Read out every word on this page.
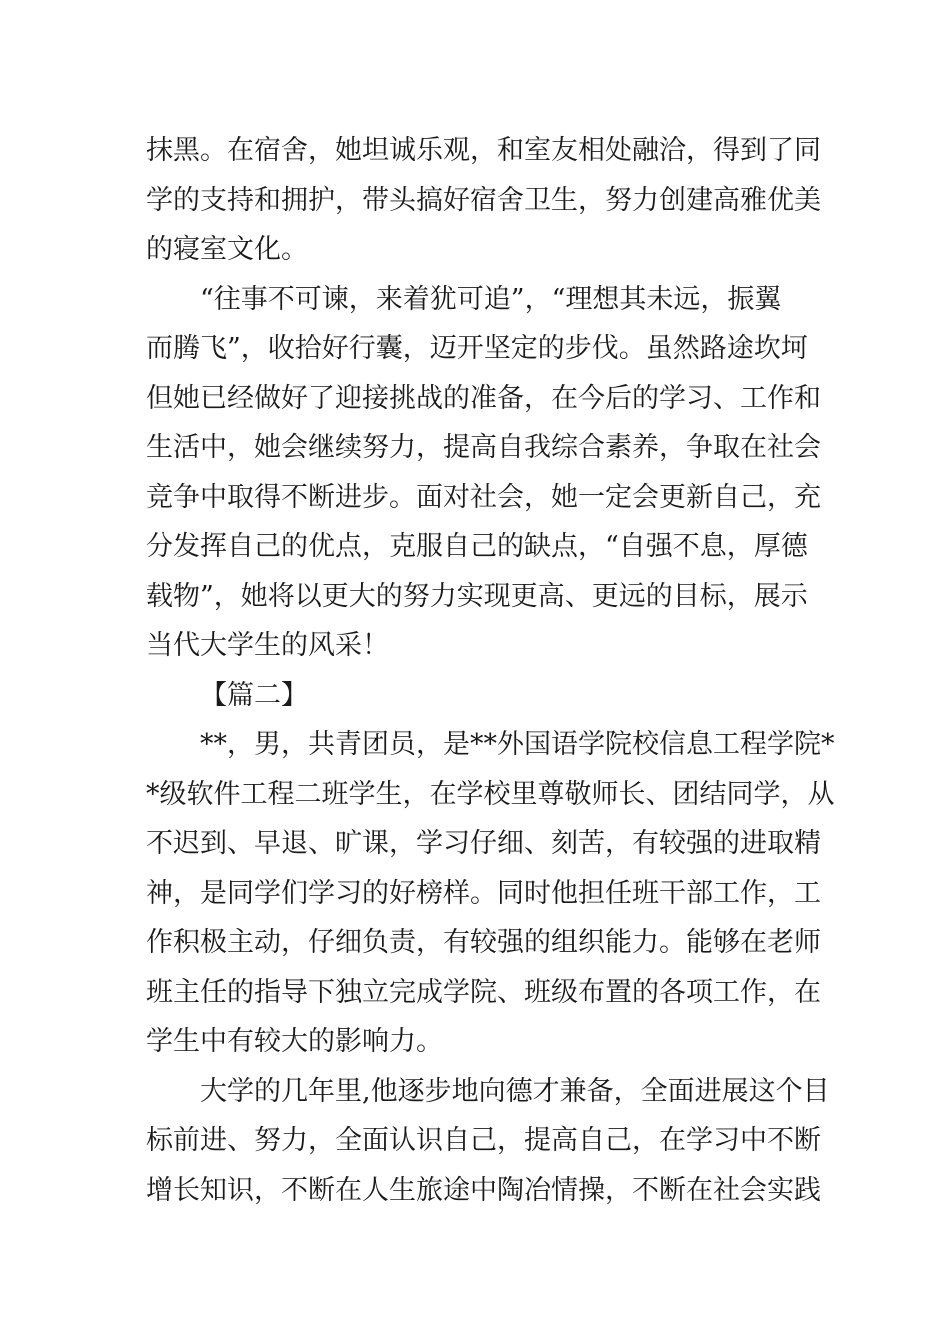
抹黑。在宿舍，她坦诚乐观，和室友相处融洽，得到了同
学的支持和拥护，带头搞好宿舍卫生，努力创建高雅优美
的寝室文化。
“往事不可谏，来着犹可追”，“理想其未远，振翼
而腾飞”，收拾好行囊，迈开坚定的步伐。虽然路途坎坷
但她已经做好了迎接挑战的准备，在今后的学习、工作和
生活中，她会继续努力，提高自我综合素养，争取在社会
竞争中取得不断进步。面对社会，她一定会更新自己，充
分发挥自己的优点，克服自己的缺点，“自强不息，厚德
载物”，她将以更大的努力实现更高、更远的目标，展示
当代大学生的风采！
【篇二】
**，男，共青团员，是**外国语学院校信息工程学院*
*级软件工程二班学生，在学校里尊敬师长、团结同学，从
不迟到、早退、旷课，学习仔细、刻苦，有较强的进取精
神，是同学们学习的好榜样。同时他担任班干部工作，工
作积极主动，仔细负责，有较强的组织能力。能够在老师
班主任的指导下独立完成学院、班级布置的各项工作，在
学生中有较大的影响力。
大学的几年里,他逐步地向德才兼备，全面进展这个目
标前进、努力，全面认识自己，提高自己，在学习中不断
增长知识，不断在人生旅途中陶冶情操，不断在社会实践
